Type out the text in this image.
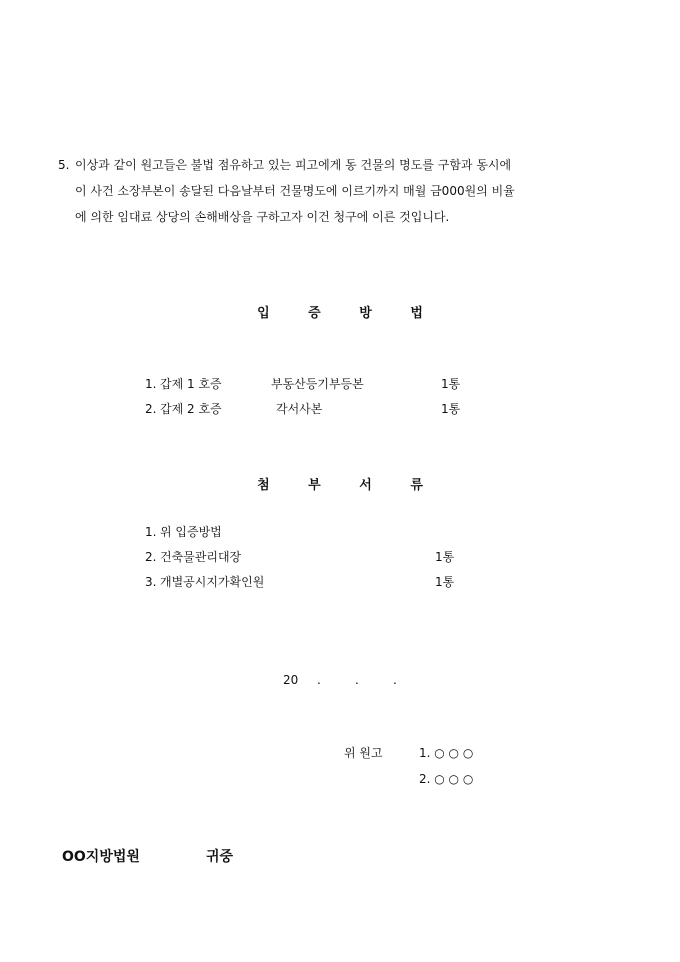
5. 이상과 같이 원고들은 불법 점유하고 있는 피고에게 동 건물의 명도를 구함과 동시에
이 사건 소장부본이 송달된 다음날부터 건물명도에 이르기까지 매월 금000원의 비율
에 의한 임대료 상당의 손해배상을 구하고자 이건 청구에 이른 것입니다.
입	증	방	법
1. 갑제 1 호증	부동산등기부등본	1통
2. 갑제 2 호증	각서사본	1통
첨	부	서	류
1. 위 입증방법
2. 건축물관리대장	1통
3. 개별공시지가확인원	1통
20 .	.	.
위 원고	1. ○ ○ ○
2. ○ ○ ○
OO지방법원	귀중
